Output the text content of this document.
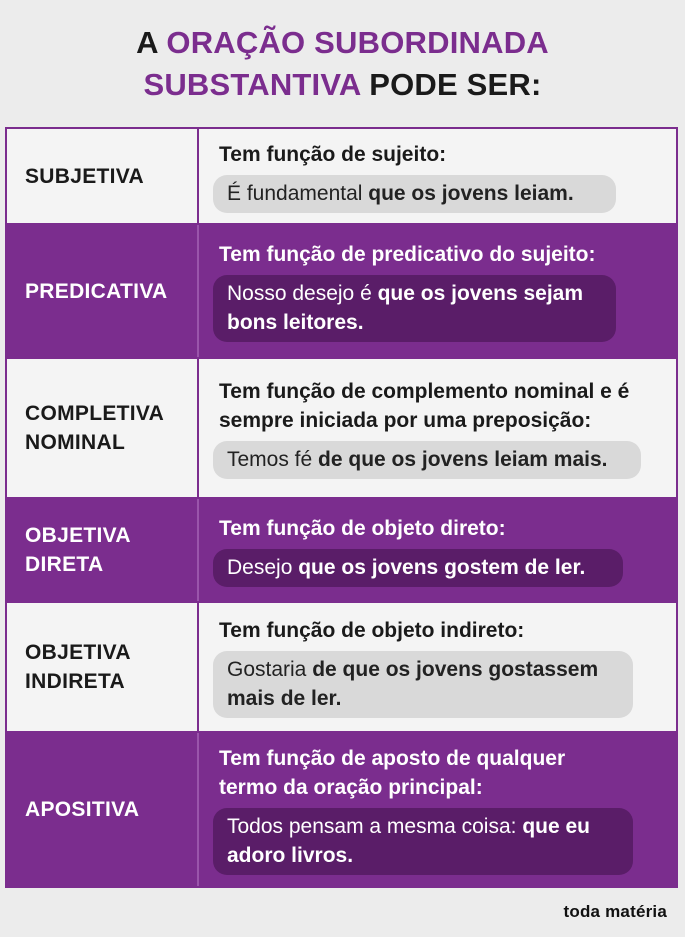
A ORAÇÃO SUBORDINADA
SUBSTANTIVA PODE SER:
SUBJETIVA
Tem função de sujeito:
É fundamental que os jovens leiam.
PREDICATIVA
Tem função de predicativo do sujeito:
Nosso desejo é que os jovens sejam bons leitores.
COMPLETIVA NOMINAL
Tem função de complemento nominal e é sempre iniciada por uma preposição:
Temos fé de que os jovens leiam mais.
OBJETIVA DIRETA
Tem função de objeto direto:
Desejo que os jovens gostem de ler.
OBJETIVA INDIRETA
Tem função de objeto indireto:
Gostaria de que os jovens gostassem mais de ler.
APOSITIVA
Tem função de aposto de qualquer termo da oração principal:
Todos pensam a mesma coisa: que eu adoro livros.
toda matéria
